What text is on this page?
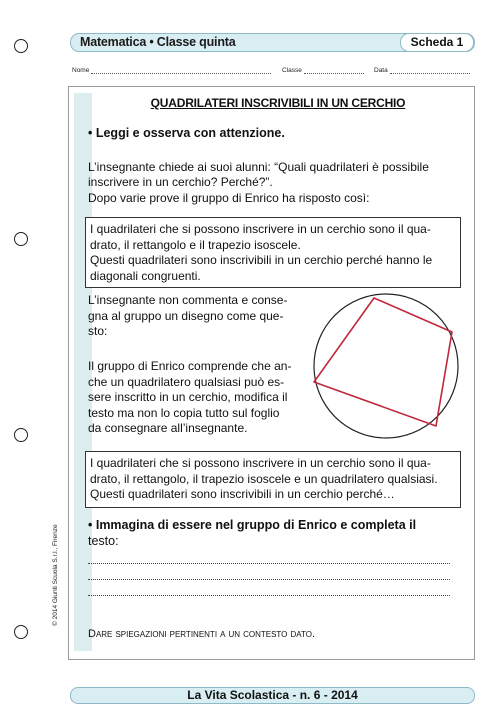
Matematica • Classe quinta	Scheda 1
Nome	Classe	Data
QUADRILATERI INSCRIVIBILI IN UN CERCHIO
• Leggi e osserva con attenzione.
L’insegnante chiede ai suoi alunni: “Quali quadrilateri è possibile
inscrivere in un cerchio? Perché?”.
Dopo varie prove il gruppo di Enrico ha risposto così:
I quadrilateri che si possono inscrivere in un cerchio sono il qua-
drato, il rettangolo e il trapezio isoscele.
Questi quadrilateri sono inscrivibili in un cerchio perché hanno le
diagonali congruenti.
L’insegnante non commenta e conse-
gna al gruppo un disegno come que-
sto:
Il gruppo di Enrico comprende che an-
che un quadrilatero qualsiasi può es-
sere inscritto in un cerchio, modifica il
testo ma non lo copia tutto sul foglio
da consegnare all’insegnante.
I quadrilateri che si possono inscrivere in un cerchio sono il qua-
drato, il rettangolo, il trapezio isoscele e un quadrilatero qualsiasi.
Questi quadrilateri sono inscrivibili in un cerchio perché…
• Immagina di essere nel gruppo di Enrico e completa il
testo:
Dare spiegazioni pertinenti a un contesto dato.
© 2014 Giunti Scuola S.r.l., Firenze
La Vita Scolastica - n. 6 - 2014
